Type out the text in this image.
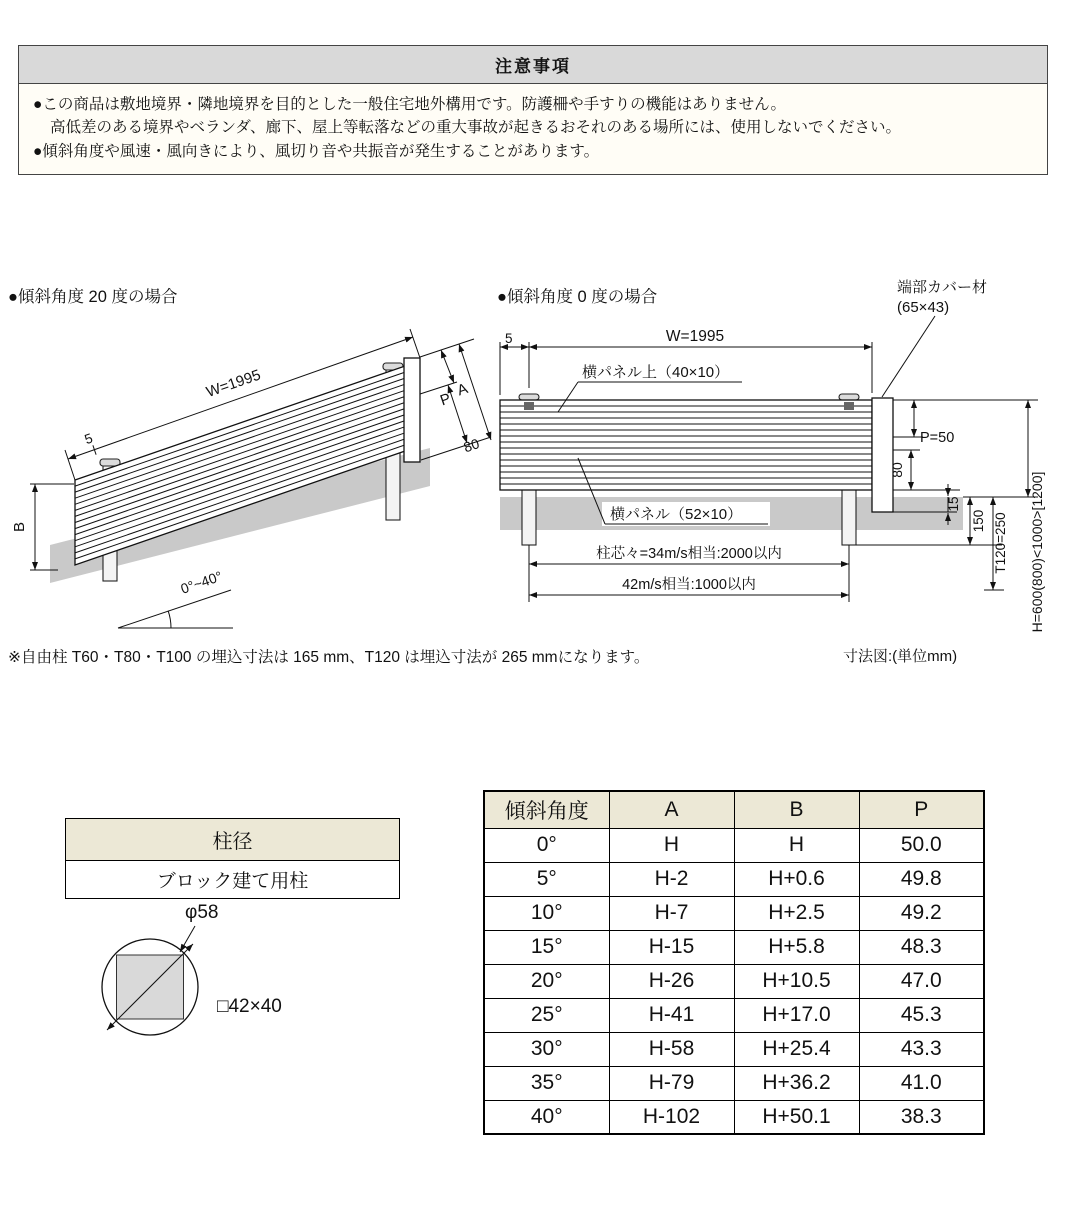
注意事項
●この商品は敷地境界・隣地境界を目的とした一般住宅地外構用です。防護柵や手すりの機能はありません。
高低差のある境界やベランダ、廊下、屋上等転落などの重大事故が起きるおそれのある場所には、使用しないでください。
●傾斜角度や風速・風向きにより、風切り音や共振音が発生することがあります。
●傾斜角度 20 度の場合	●傾斜角度 0 度の場合
端部カバー材
(65×43)
W=1995
5
P
A
80
B
0°~40°
5	W=1995
横パネル上（40×10）
P=50
80
横パネル（52×10）
柱芯々=34m/s相当:2000以内
42m/s相当:1000以内
15
150 T120=250 H=600(800)<1000>[1200]
※自由柱 T60・T80・T100 の埋込寸法は 165 mm、T120 は埋込寸法が 265 mmになります。	寸法図:(単位mm)
柱径
ブロック建て用柱
φ58
□42×40
傾斜角度	A	B	P
0°	H	H	50.0
5°	H-2	H+0.6	49.8
10°	H-7	H+2.5	49.2
15°	H-15	H+5.8	48.3
20°	H-26	H+10.5	47.0
25°	H-41	H+17.0	45.3
30°	H-58	H+25.4	43.3
35°	H-79	H+36.2	41.0
40°	H-102	H+50.1	38.3
